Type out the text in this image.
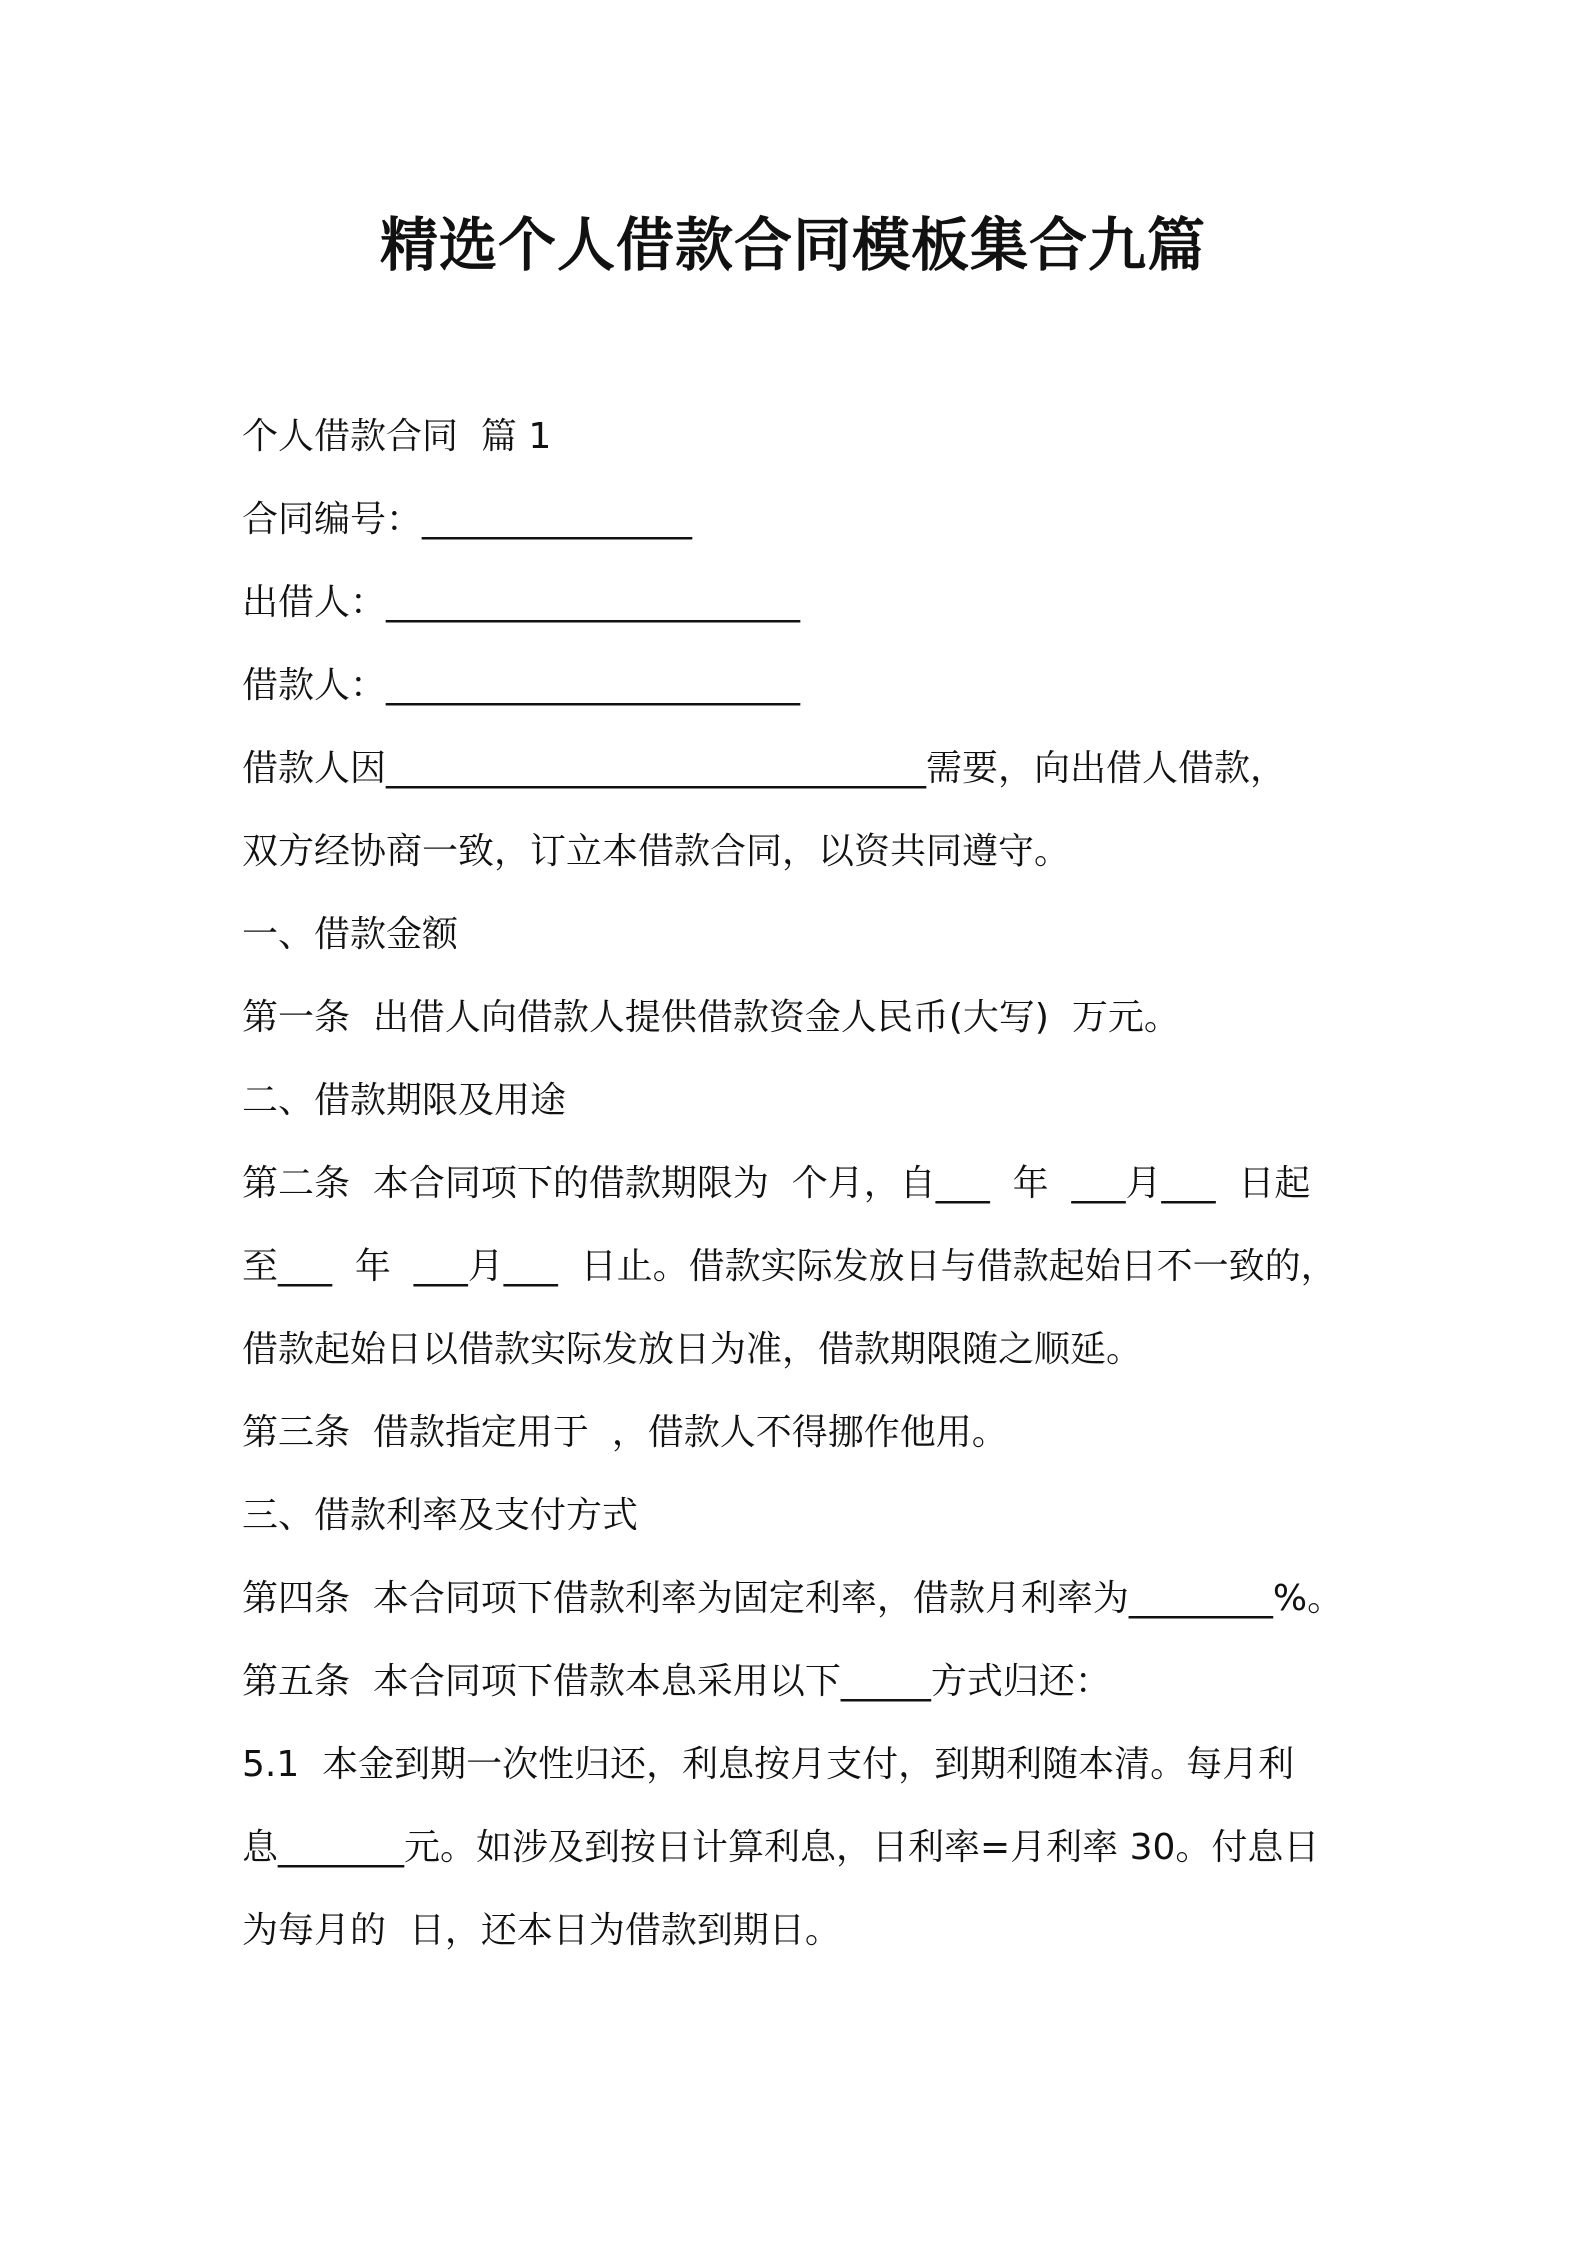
精选个人借款合同模板集合九篇
个人借款合同  篇 1
合同编号：_______________
出借人：_______________________
借款人：_______________________
借款人因______________________________需要，向出借人借款，
双方经协商一致，订立本借款合同，以资共同遵守。
一、借款金额
第一条  出借人向借款人提供借款资金人民币(大写)  万元。
二、借款期限及用途
第二条  本合同项下的借款期限为  个月，自___  年  ___月___  日起
至___  年  ___月___  日止。借款实际发放日与借款起始日不一致的，
借款起始日以借款实际发放日为准，借款期限随之顺延。
第三条  借款指定用于  ，借款人不得挪作他用。
三、借款利率及支付方式
第四条  本合同项下借款利率为固定利率，借款月利率为________%。
第五条  本合同项下借款本息采用以下_____方式归还：
5.1  本金到期一次性归还，利息按月支付，到期利随本清。每月利
息_______元。如涉及到按日计算利息，日利率=月利率 30。付息日
为每月的  日，还本日为借款到期日。
